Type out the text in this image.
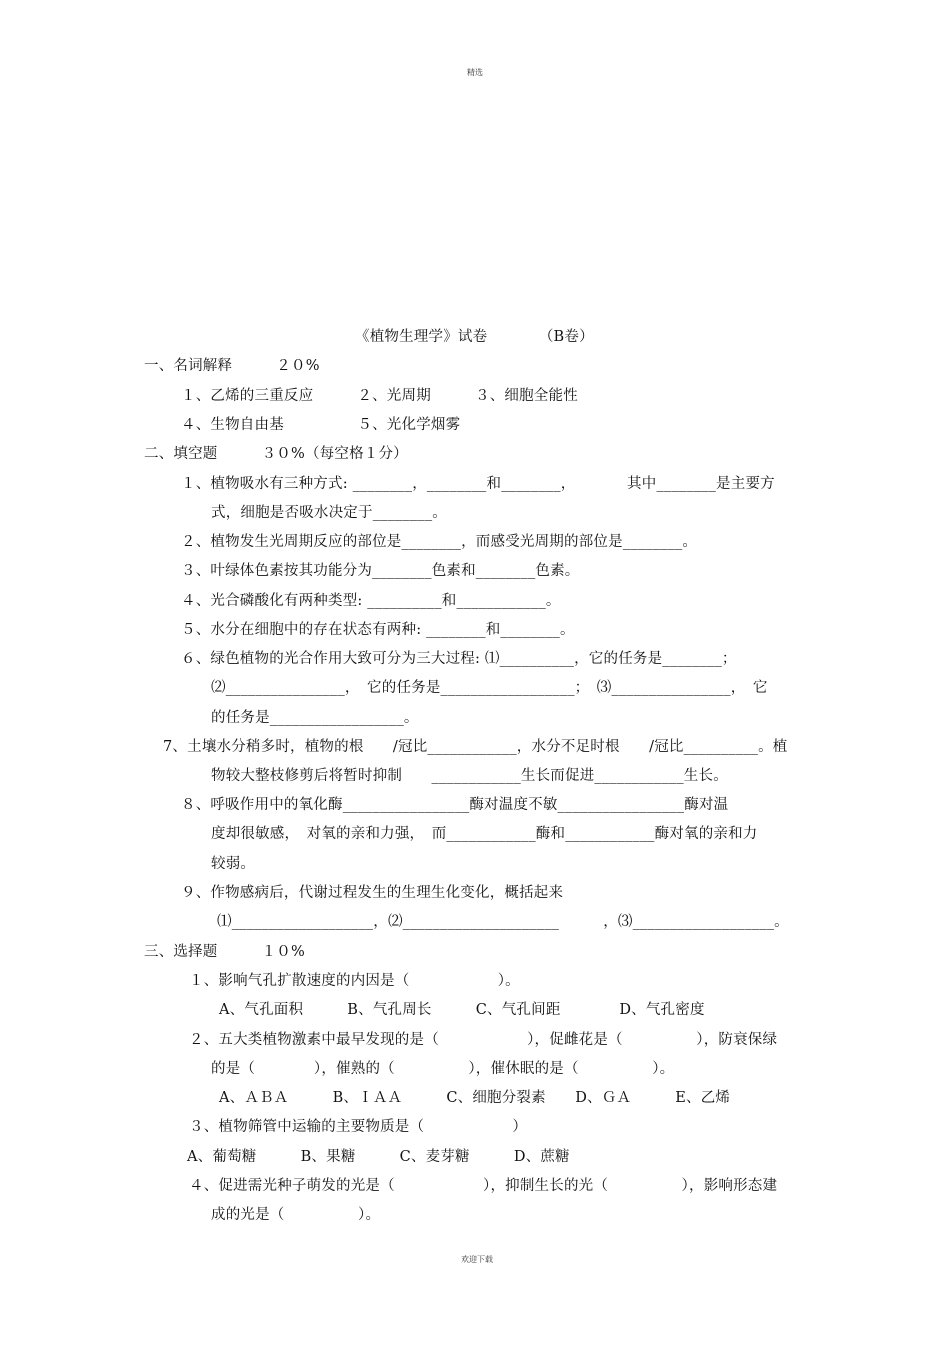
精选
《植物生理学》试卷　　　　（B卷）
一、名词解释　　　２０%
１、乙烯的三重反应　　　２、光周期　　　３、细胞全能性
４、生物自由基　　　　　５、光化学烟雾
二、填空题　　　３０%（每空格１分）
１、植物吸水有三种方式: ________，________和________，　　　　其中________是主要方
式，细胞是否吸水决定于________。
２、植物发生光周期反应的部位是________，而感受光周期的部位是________。
３、叶绿体色素按其功能分为________色素和________色素。
４、光合磷酸化有两种类型: __________和____________。
５、水分在细胞中的存在状态有两种: ________和________。
６、绿色植物的光合作用大致可分为三大过程: ⑴__________，它的任务是________；
⑵________________，　它的任务是__________________；　⑶________________，　它
的任务是__________________。
7、土壤水分稍多时，植物的根　　/冠比____________，水分不足时根　　/冠比__________。植
物较大整枝修剪后将暂时抑制　　____________生长而促进____________生长。
８、呼吸作用中的氧化酶_________________酶对温度不敏_________________酶对温
度却很敏感，　对氧的亲和力强，　而____________酶和____________酶对氧的亲和力
较弱。
９、作物感病后，代谢过程发生的生理生化变化，概括起来
⑴___________________，⑵_____________________　　　，⑶___________________。
三、选择题　　　１０%
１、影响气孔扩散速度的内因是（　　　　　　）。
A、气孔面积　　　B、气孔周长　　　C、气孔间距　　　　D、气孔密度
２、五大类植物激素中最早发现的是（　　　　　　），促雌花是（　　　　　），防衰保绿
的是（　　　　），催熟的（　　　　　），催休眠的是（　　　　　）。
A、ＡＢＡ　　　B、ＩＡＡ　　　C、细胞分裂素　　D、ＧＡ　　　E、乙烯
３、植物筛管中运输的主要物质是（　　　　　　）
A、葡萄糖　　　B、果糖　　　C、麦芽糖　　　D、蔗糖
４、促进需光种子萌发的光是（　　　　　　），抑制生长的光（　　　　　），影响形态建
成的光是（　　　　　）。
欢迎下载
